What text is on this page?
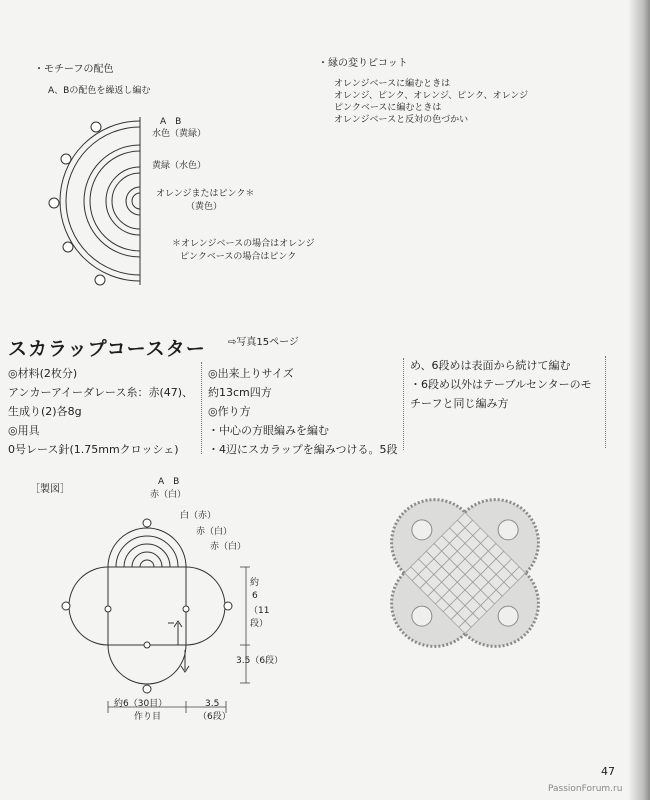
・モチーフの配色
A、Bの配色を繰返し編む
A　B
水色（黄緑）
黄緑（水色）
オレンジまたはピンク＊
（黄色）
＊オレンジベースの場合はオレンジ
ピンクベースの場合はピンク
・縁の変りピコット
オレンジベースに編むときは
オレンジ、ピンク、オレンジ、ピンク、オレンジ
ピンクベースに編むときは
オレンジベースと反対の色づかい
スカラップコースター ⇨写真15ページ
◎材料(2枚分)
アンカーアイーダレース糸：赤(47)、
生成り(2)各8g
◎用具
0号レース針(1.75mmクロッシェ)
◎出来上りサイズ
約13cm四方
◎作り方
・中心の方眼編みを編む
・4辺にスカラップを編みつける。5段
め、6段めは表面から続けて編む
・6段め以外はテーブルセンターのモ
チーフと同じ編み方
［製図］
A　B
赤（白）
白（赤）
赤（白）
赤（白）
約
6
（11
段）
3.5（6段）
約6（30目）
作り目
3.5
（6段）
47
PassionForum.ru
